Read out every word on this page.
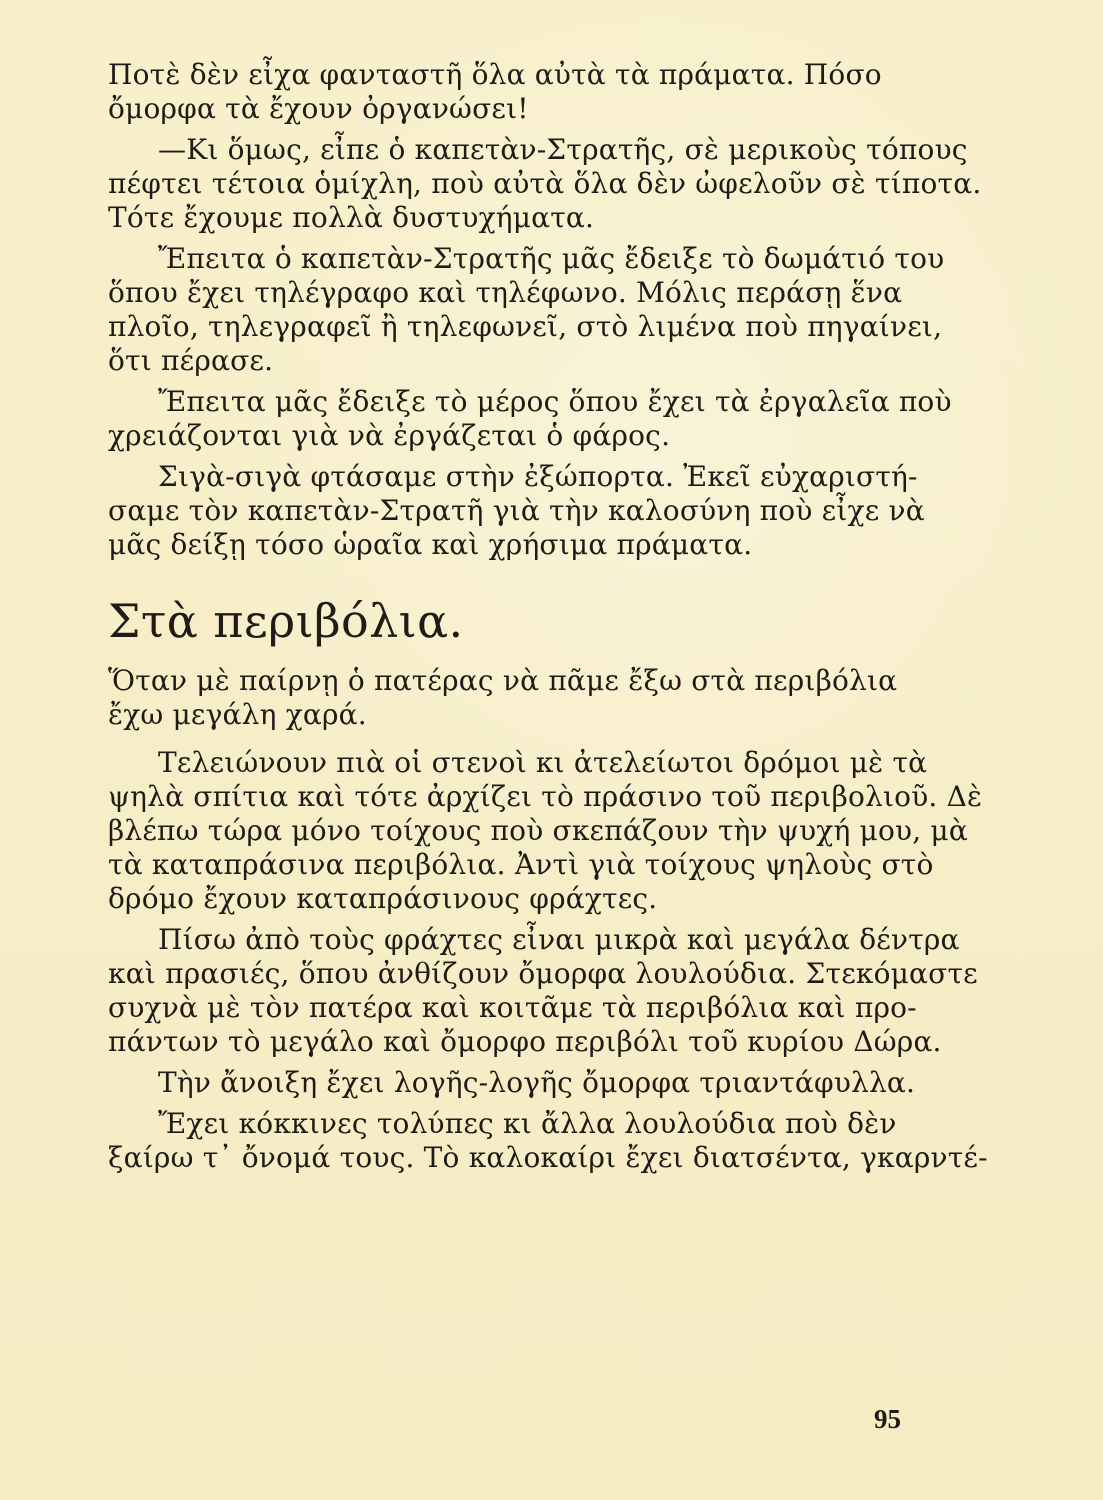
Ποτὲ δὲν εἶχα φανταστῆ ὅλα αὐτὰ τὰ πράματα. Πόσο
ὄμορφα τὰ ἔχουν ὀργανώσει!
—Κι ὅμως, εἶπε ὁ καπετὰν-Στρατῆς, σὲ μερικοὺς τόπους
πέφτει τέτοια ὁμίχλη, ποὺ αὐτὰ ὅλα δὲν ὠφελοῦν σὲ τίποτα.
Τότε ἔχουμε πολλὰ δυστυχήματα.
Ἔπειτα ὁ καπετὰν-Στρατῆς μᾶς ἔδειξε τὸ δωμάτιό του
ὅπου ἔχει τηλέγραφο καὶ τηλέφωνο. Μόλις περάσῃ ἕνα
πλοῖο, τηλεγραφεῖ ἢ τηλεφωνεῖ, στὸ λιμένα ποὺ πηγαίνει,
ὅτι πέρασε.
Ἔπειτα μᾶς ἔδειξε τὸ μέρος ὅπου ἔχει τὰ ἐργαλεῖα ποὺ
χρειάζονται γιὰ νὰ ἐργάζεται ὁ φάρος.
Σιγὰ-σιγὰ φτάσαμε στὴν ἐξώπορτα. Ἐκεῖ εὐχαριστή-
σαμε τὸν καπετὰν-Στρατῆ γιὰ τὴν καλοσύνη ποὺ εἶχε νὰ
μᾶς δείξῃ τόσο ὡραῖα καὶ χρήσιμα πράματα.
Στὰ περιβόλια.
Ὅταν μὲ παίρνῃ ὁ πατέρας νὰ πᾶμε ἔξω στὰ περιβόλια
ἔχω μεγάλη χαρά.
Τελειώνουν πιὰ οἱ στενοὶ κι ἀτελείωτοι δρόμοι μὲ τὰ
ψηλὰ σπίτια καὶ τότε ἀρχίζει τὸ πράσινο τοῦ περιβολιοῦ. Δὲ
βλέπω τώρα μόνο τοίχους ποὺ σκεπάζουν τὴν ψυχή μου, μὰ
τὰ καταπράσινα περιβόλια. Ἀντὶ γιὰ τοίχους ψηλοὺς στὸ
δρόμο ἔχουν καταπράσινους φράχτες.
Πίσω ἀπὸ τοὺς φράχτες εἶναι μικρὰ καὶ μεγάλα δέντρα
καὶ πρασιές, ὅπου ἀνθίζουν ὄμορφα λουλούδια. Στεκόμαστε
συχνὰ μὲ τὸν πατέρα καὶ κοιτᾶμε τὰ περιβόλια καὶ προ-
πάντων τὸ μεγάλο καὶ ὄμορφο περιβόλι τοῦ κυρίου Δώρα.
Τὴν ἄνοιξη ἔχει λογῆς-λογῆς ὄμορφα τριαντάφυλλα.
Ἔχει κόκκινες τολύπες κι ἄλλα λουλούδια ποὺ δὲν
ξαίρω τ᾽ ὄνομά τους. Τὸ καλοκαίρι ἔχει διατσέντα, γκαρντέ-
95
